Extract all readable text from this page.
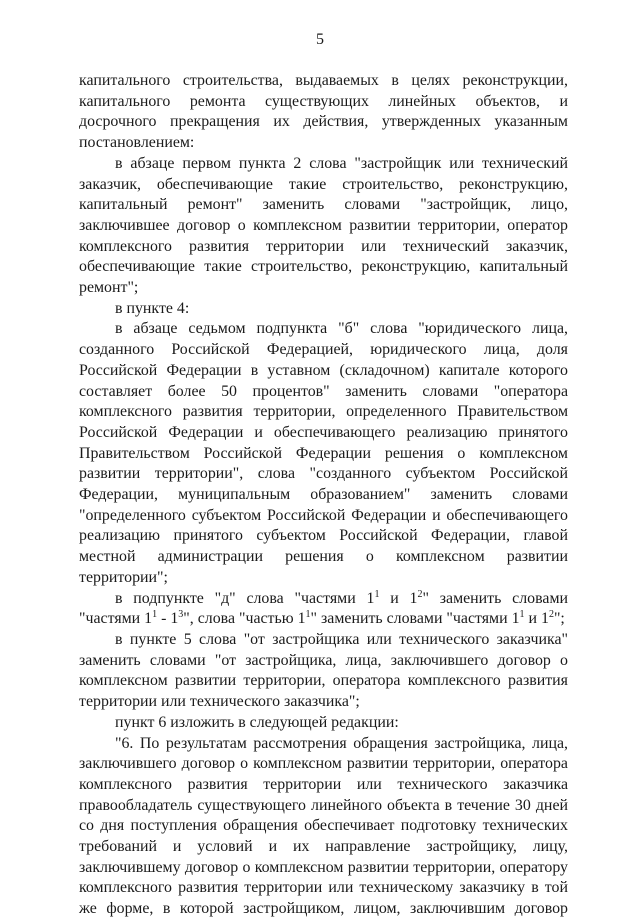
5

капитального строительства, выдаваемых в целях реконструкции, капитального ремонта существующих линейных объектов, и досрочного прекращения их действия, утвержденных указанным постановлением:

в абзаце первом пункта 2 слова "застройщик или технический заказчик, обеспечивающие такие строительство, реконструкцию, капитальный ремонт" заменить словами "застройщик, лицо, заключившее договор о комплексном развитии территории, оператор комплексного развития территории или технический заказчик, обеспечивающие такие строительство, реконструкцию, капитальный ремонт";

в пункте 4:

в абзаце седьмом подпункта "б" слова "юридического лица, созданного Российской Федерацией, юридического лица, доля Российской Федерации в уставном (складочном) капитале которого составляет более 50 процентов" заменить словами "оператора комплексного развития территории, определенного Правительством Российской Федерации и обеспечивающего реализацию принятого Правительством Российской Федерации решения о комплексном развитии территории", слова "созданного субъектом Российской Федерации, муниципальным образованием" заменить словами "определенного субъектом Российской Федерации и обеспечивающего реализацию принятого субъектом Российской Федерации, главой местной администрации решения о комплексном развитии территории";

в подпункте "д" слова "частями $1^1$ и $1^2$" заменить словами "частями $1^1 - 1^3$", слова "частью $1^1$" заменить словами "частями $1^1$ и $1^2$";

в пункте 5 слова "от застройщика или технического заказчика" заменить словами "от застройщика, лица, заключившего договор о комплексном развитии территории, оператора комплексного развития территории или технического заказчика";

пункт 6 изложить в следующей редакции:

"6. По результатам рассмотрения обращения застройщика, лица, заключившего договор о комплексном развитии территории, оператора комплексного развития территории или технического заказчика правообладатель существующего линейного объекта в течение 30 дней со дня поступления обращения обеспечивает подготовку технических требований и условий и их направление застройщику, лицу, заключившему договор о комплексном развитии территории, оператору комплексного развития территории или техническому заказчику в той же форме, в которой застройщиком, лицом, заключившим договор
